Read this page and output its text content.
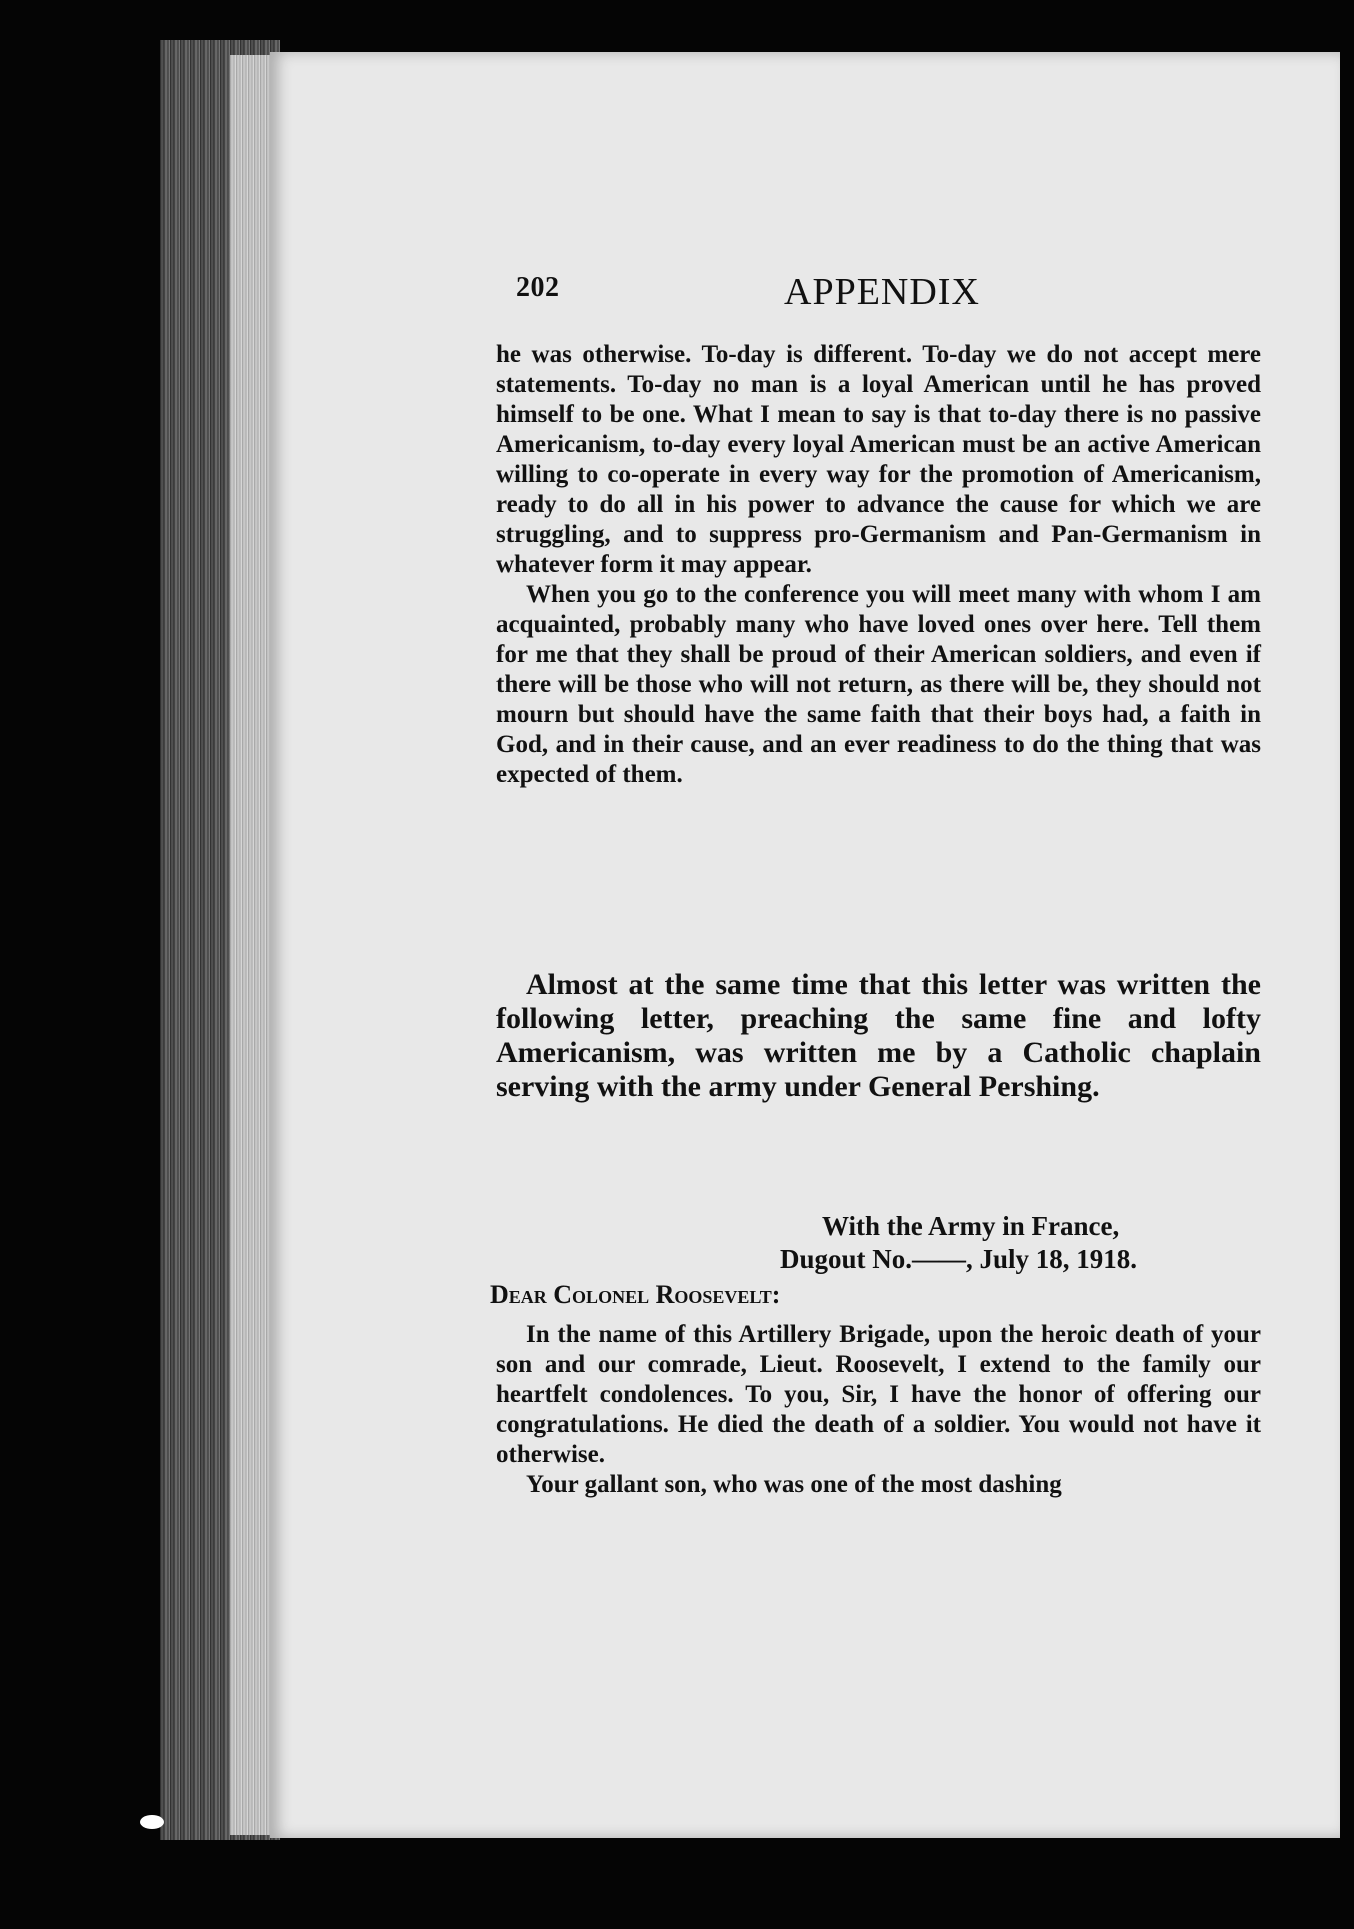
202	APPENDIX

he was otherwise. To-day is different. To-day we do not accept mere statements. To-day no man is a loyal American until he has proved himself to be one. What I mean to say is that to-day there is no passive Americanism, to-day every loyal American must be an active American willing to co-operate in every way for the promotion of Americanism, ready to do all in his power to advance the cause for which we are struggling, and to suppress pro-Germanism and Pan-Germanism in whatever form it may appear.

When you go to the conference you will meet many with whom I am acquainted, probably many who have loved ones over here. Tell them for me that they shall be proud of their American soldiers, and even if there will be those who will not return, as there will be, they should not mourn but should have the same faith that their boys had, a faith in God, and in their cause, and an ever readiness to do the thing that was expected of them.

Almost at the same time that this letter was written the following letter, preaching the same fine and lofty Americanism, was written me by a Catholic chaplain serving with the army under General Pershing.
With the Army in France,
Dugout No.——, July 18, 1918.
Dear Colonel Roosevelt:

In the name of this Artillery Brigade, upon the heroic death of your son and our comrade, Lieut. Roosevelt, I extend to the family our heartfelt condolences. To you, Sir, I have the honor of offering our congratulations. He died the death of a soldier. You would not have it otherwise.

Your gallant son, who was one of the most dashing
